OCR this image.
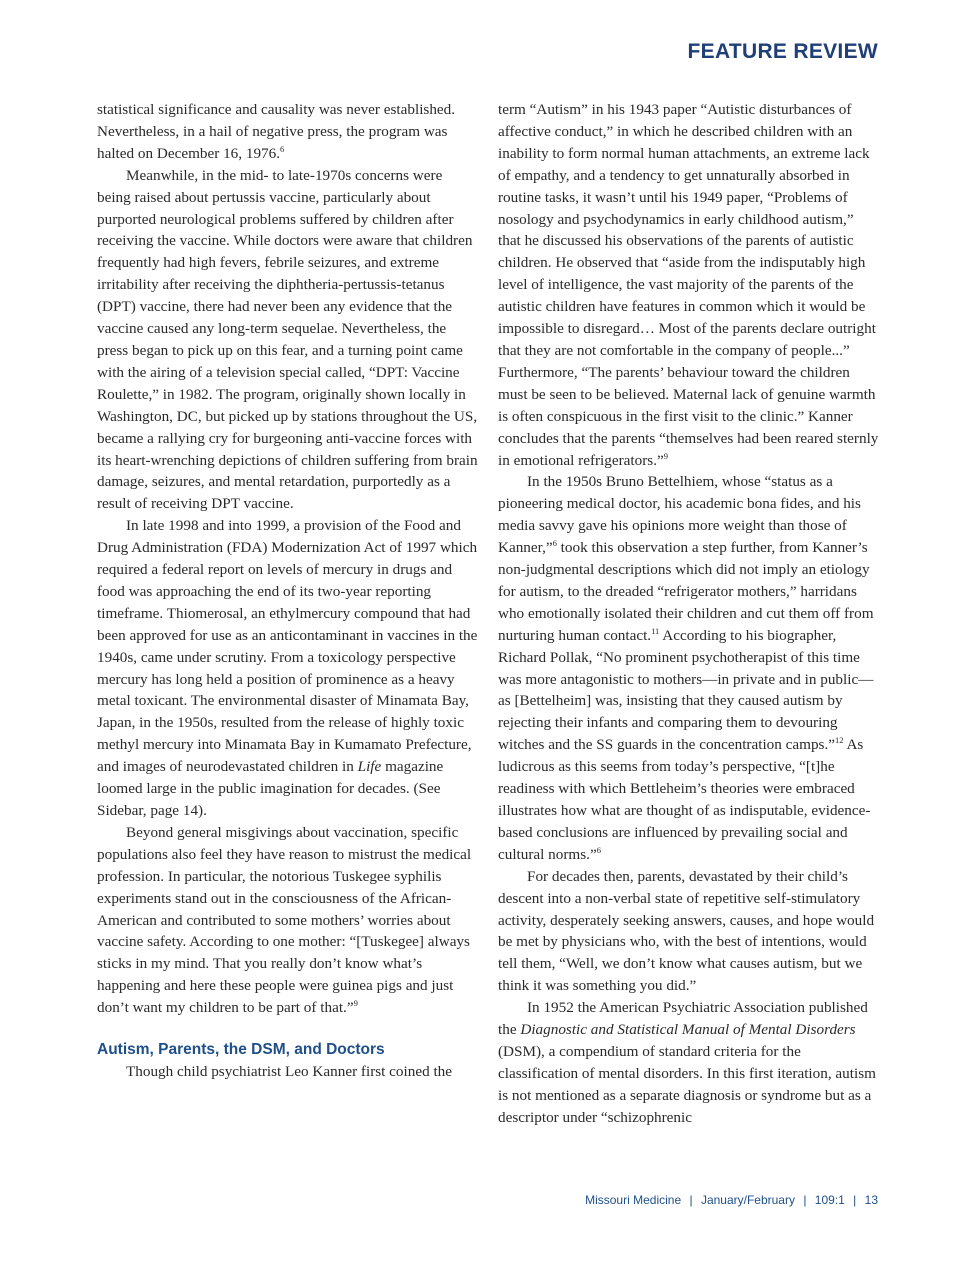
FEATURE REVIEW

statistical significance and causality was never established. Nevertheless, in a hail of negative press, the program was halted on December 16, 1976.$^6$

Meanwhile, in the mid- to late-1970s concerns were being raised about pertussis vaccine, particularly about purported neurological problems suffered by children after receiving the vaccine. While doctors were aware that children frequently had high fevers, febrile seizures, and extreme irritability after receiving the diphtheria-pertussis-tetanus (DPT) vaccine, there had never been any evidence that the vaccine caused any long-term sequelae. Nevertheless, the press began to pick up on this fear, and a turning point came with the airing of a television special called, “DPT: Vaccine Roulette,” in 1982. The program, originally shown locally in Washington, DC, but picked up by stations throughout the US, became a rallying cry for burgeoning anti-vaccine forces with its heart-wrenching depictions of children suffering from brain damage, seizures, and mental retardation, purportedly as a result of receiving DPT vaccine.

In late 1998 and into 1999, a provision of the Food and Drug Administration (FDA) Modernization Act of 1997 which required a federal report on levels of mercury in drugs and food was approaching the end of its two-year reporting timeframe. Thiomerosal, an ethylmercury compound that had been approved for use as an anticontaminant in vaccines in the 1940s, came under scrutiny. From a toxicology perspective mercury has long held a position of prominence as a heavy metal toxicant. The environmental disaster of Minamata Bay, Japan, in the 1950s, resulted from the release of highly toxic methyl mercury into Minamata Bay in Kumamato Prefecture, and images of neurodevastated children in Life magazine loomed large in the public imagination for decades. (See Sidebar, page 14).

Beyond general misgivings about vaccination, specific populations also feel they have reason to mistrust the medical profession. In particular, the notorious Tuskegee syphilis experiments stand out in the consciousness of the African-American and contributed to some mothers’ worries about vaccine safety. According to one mother: “[Tuskegee] always sticks in my mind. That you really don’t know what’s happening and here these people were guinea pigs and just don’t want my children to be part of that.”$^9$

Autism, Parents, the DSM, and Doctors

Though child psychiatrist Leo Kanner first coined the

term “Autism” in his 1943 paper “Autistic disturbances of affective conduct,” in which he described children with an inability to form normal human attachments, an extreme lack of empathy, and a tendency to get unnaturally absorbed in routine tasks, it wasn’t until his 1949 paper, “Problems of nosology and psychodynamics in early childhood autism,” that he discussed his observations of the parents of autistic children. He observed that “aside from the indisputably high level of intelligence, the vast majority of the parents of the autistic children have features in common which it would be impossible to disregard… Most of the parents declare outright that they are not comfortable in the company of people...” Furthermore, “The parents’ behaviour toward the children must be seen to be believed. Maternal lack of genuine warmth is often conspicuous in the first visit to the clinic.” Kanner concludes that the parents “themselves had been reared sternly in emotional refrigerators.”$^9$

In the 1950s Bruno Bettelhiem, whose “status as a pioneering medical doctor, his academic bona fides, and his media savvy gave his opinions more weight than those of Kanner,”$^6$ took this observation a step further, from Kanner’s non-judgmental descriptions which did not imply an etiology for autism, to the dreaded “refrigerator mothers,” harridans who emotionally isolated their children and cut them off from nurturing human contact.$^{11}$ According to his biographer, Richard Pollak, “No prominent psychotherapist of this time was more antagonistic to mothers—in private and in public—as [Bettelheim] was, insisting that they caused autism by rejecting their infants and comparing them to devouring witches and the SS guards in the concentration camps.”$^{12}$ As ludicrous as this seems from today’s perspective, “[t]he readiness with which Bettleheim’s theories were embraced illustrates how what are thought of as indisputable, evidence-based conclusions are influenced by prevailing social and cultural norms.”$^6$

For decades then, parents, devastated by their child’s descent into a non-verbal state of repetitive self-stimulatory activity, desperately seeking answers, causes, and hope would be met by physicians who, with the best of intentions, would tell them, “Well, we don’t know what causes autism, but we think it was something you did.”

In 1952 the American Psychiatric Association published the Diagnostic and Statistical Manual of Mental Disorders (DSM), a compendium of standard criteria for the classification of mental disorders. In this first iteration, autism is not mentioned as a separate diagnosis or syndrome but as a descriptor under “schizophrenic

Missouri Medicine | January/February | 109:1 | 13
